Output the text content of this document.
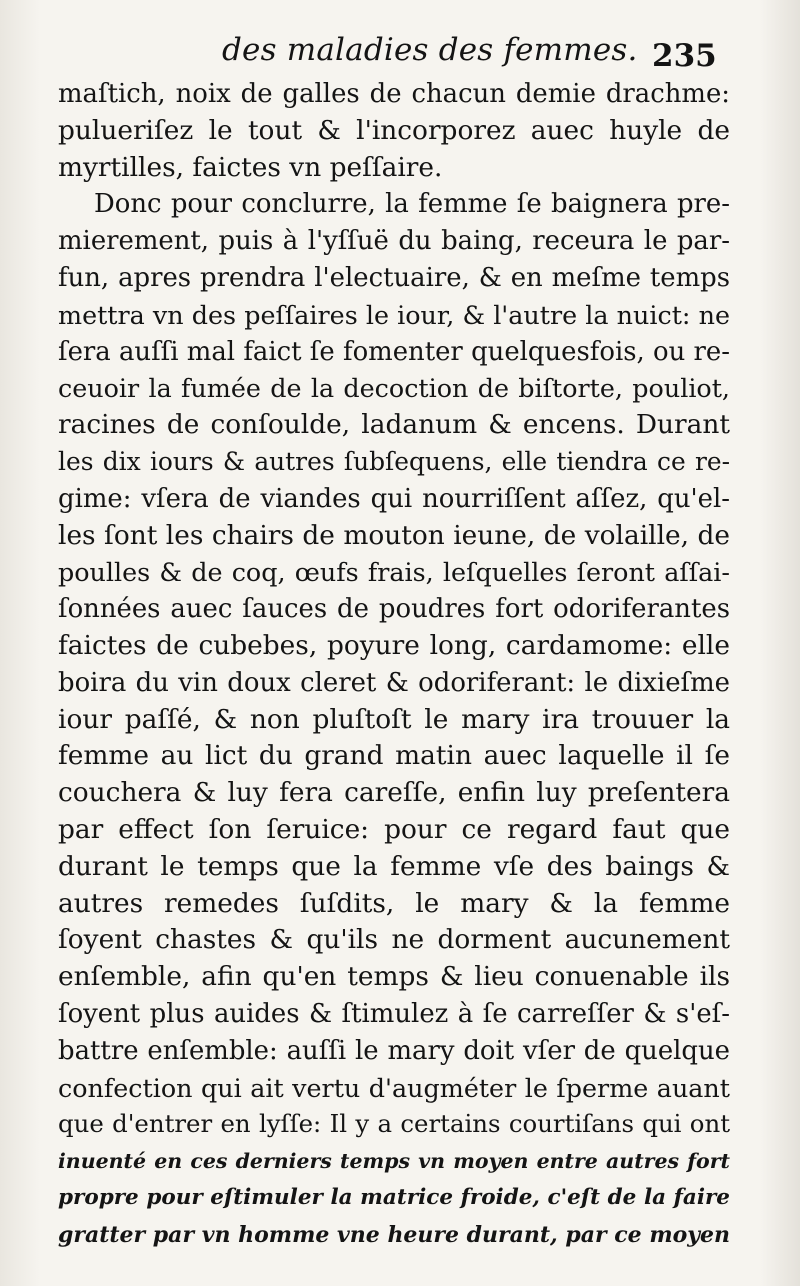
des maladies des femmes. 235
maſtich, noix de galles de chacun demie drachme:
pulueriſez le tout & l'incorporez auec huyle de
myrtilles, faictes vn peſſaire.
Donc pour conclurre, la femme ſe baignera pre-
mierement, puis à l'yſſuë du baing, receura le par-
fun, apres prendra l'electuaire, & en meſme temps
mettra vn des peſſaires le iour, & l'autre la nuict: ne
ſera auſſi mal faict ſe fomenter quelquesfois, ou re-
ceuoir la fumée de la decoction de biſtorte, pouliot,
racines de conſoulde, ladanum & encens. Durant
les dix iours & autres ſubſequens, elle tiendra ce re-
gime: vſera de viandes qui nourriſſent aſſez, qu'el-
les ſont les chairs de mouton ieune, de volaille, de
poulles & de coq, œufs frais, leſquelles ſeront aſſai-
ſonnées auec ſauces de poudres fort odoriferantes
faictes de cubebes, poyure long, cardamome: elle
boira du vin doux cleret & odoriferant: le dixieſme
iour paſſé, & non pluſtoſt le mary ira trouuer la
femme au lict du grand matin auec laquelle il ſe
couchera & luy fera careſſe, enfin luy preſentera
par effect ſon ſeruice: pour ce regard faut que
durant le temps que la femme vſe des baings &
autres remedes ſuſdits, le mary & la femme
ſoyent chastes & qu'ils ne dorment aucunement
enſemble, afin qu'en temps & lieu conuenable ils
ſoyent plus auides & ſtimulez à ſe carreſſer & s'eſ-
battre enſemble: auſſi le mary doit vſer de quelque
confection qui ait vertu d'augméter le ſperme auant
que d'entrer en lyſſe: Il y a certains courtiſans qui ont
inuenté en ces derniers temps vn moyen entre autres fort
propre pour eſtimuler la matrice froide, c'eſt de la faire
gratter par vn homme vne heure durant, par ce moyen
